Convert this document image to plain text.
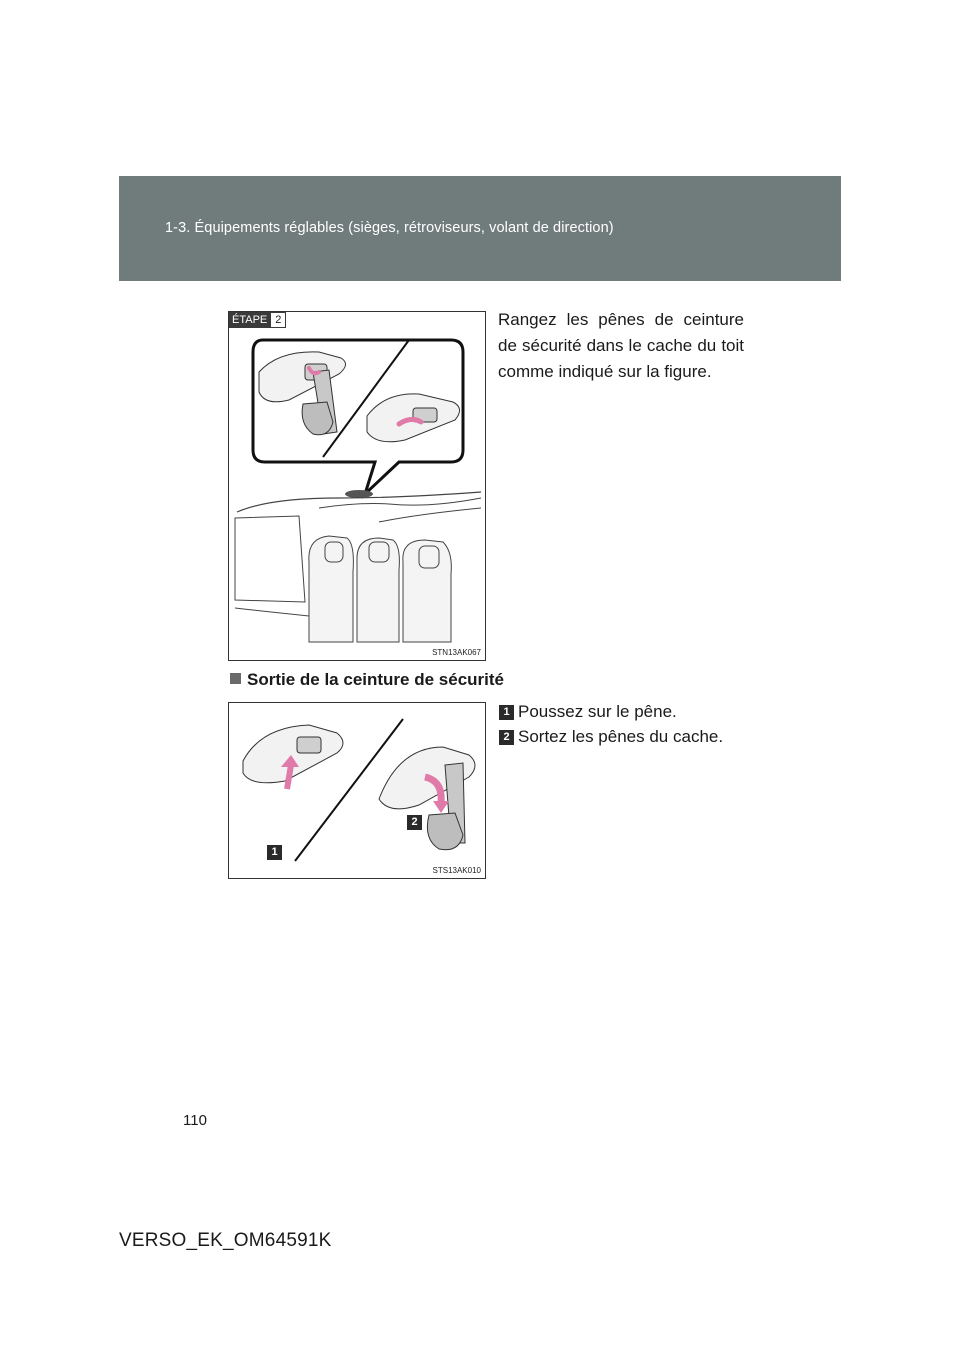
1-3. Équipements réglables (sièges, rétroviseurs, volant de direction)
ÉTAPE 2
STN13AK067
Rangez les pênes de ceinture de sécurité dans le cache du toit comme indiqué sur la figure.
Sortie de la ceinture de sécurité
1
2
STS13AK010
1 Poussez sur le pêne.
2 Sortez les pênes du cache.
110
VERSO_EK_OM64591K
